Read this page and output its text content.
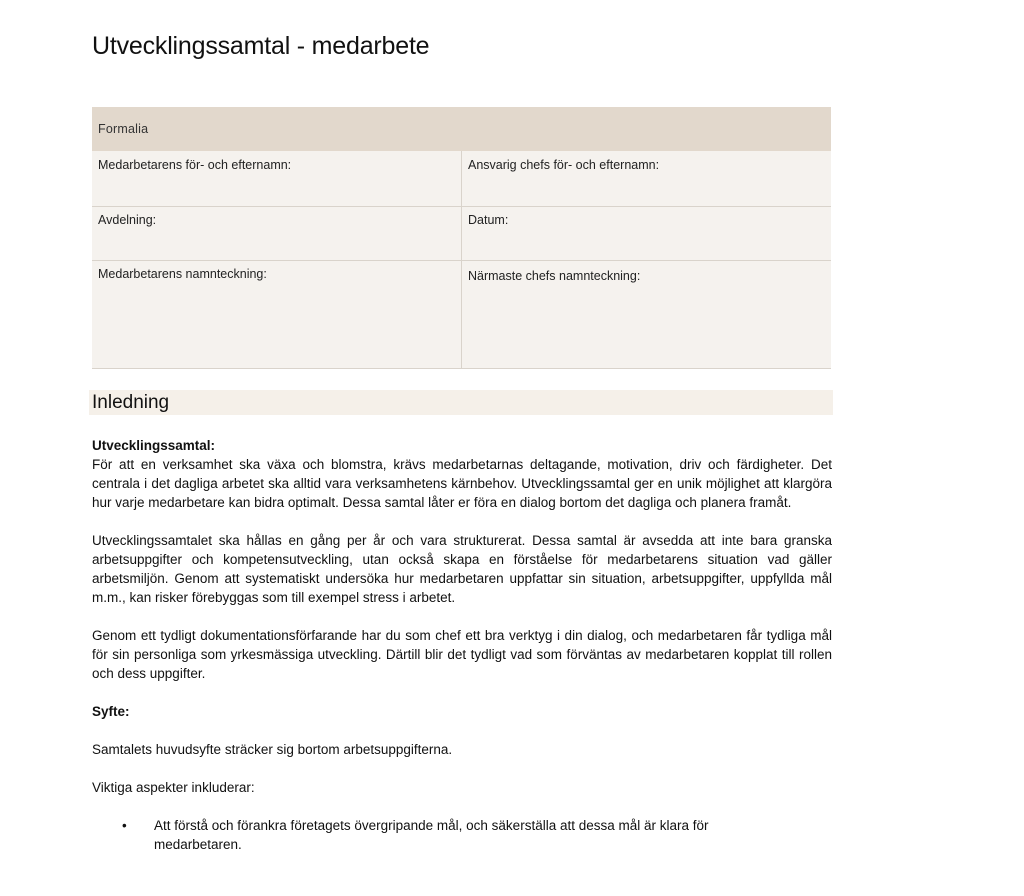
Utvecklingssamtal - medarbete
Formalia	
Medarbetarens för- och efternamn:	Ansvarig chefs för- och efternamn:
Avdelning:	Datum:
Medarbetarens namnteckning:	Närmaste chefs namnteckning:
Inledning

Utvecklingssamtal:

För att en verksamhet ska växa och blomstra, krävs medarbetarnas deltagande, motivation, driv och färdigheter. Det centrala i det dagliga arbetet ska alltid vara verksamhetens kärnbehov. Utvecklingssamtal ger en unik möjlighet att klargöra hur varje medarbetare kan bidra optimalt. Dessa samtal låter er föra en dialog bortom det dagliga och planera framåt.

Utvecklingssamtalet ska hållas en gång per år och vara strukturerat. Dessa samtal är avsedda att inte bara granska arbetsuppgifter och kompetensutveckling, utan också skapa en förståelse för medarbetarens situation vad gäller arbetsmiljön. Genom att systematiskt undersöka hur medarbetaren uppfattar sin situation, arbetsuppgifter, uppfyllda mål m.m., kan risker förebyggas som till exempel stress i arbetet.

Genom ett tydligt dokumentationsförfarande har du som chef ett bra verktyg i din dialog, och medarbetaren får tydliga mål för sin personliga som yrkesmässiga utveckling. Därtill blir det tydligt vad som förväntas av medarbetaren kopplat till rollen och dess uppgifter.

Syfte:

Samtalets huvudsyfte sträcker sig bortom arbetsuppgifterna.

Viktiga aspekter inkluderar:

• Att förstå och förankra företagets övergripande mål, och säkerställa att dessa mål är klara för medarbetaren.
